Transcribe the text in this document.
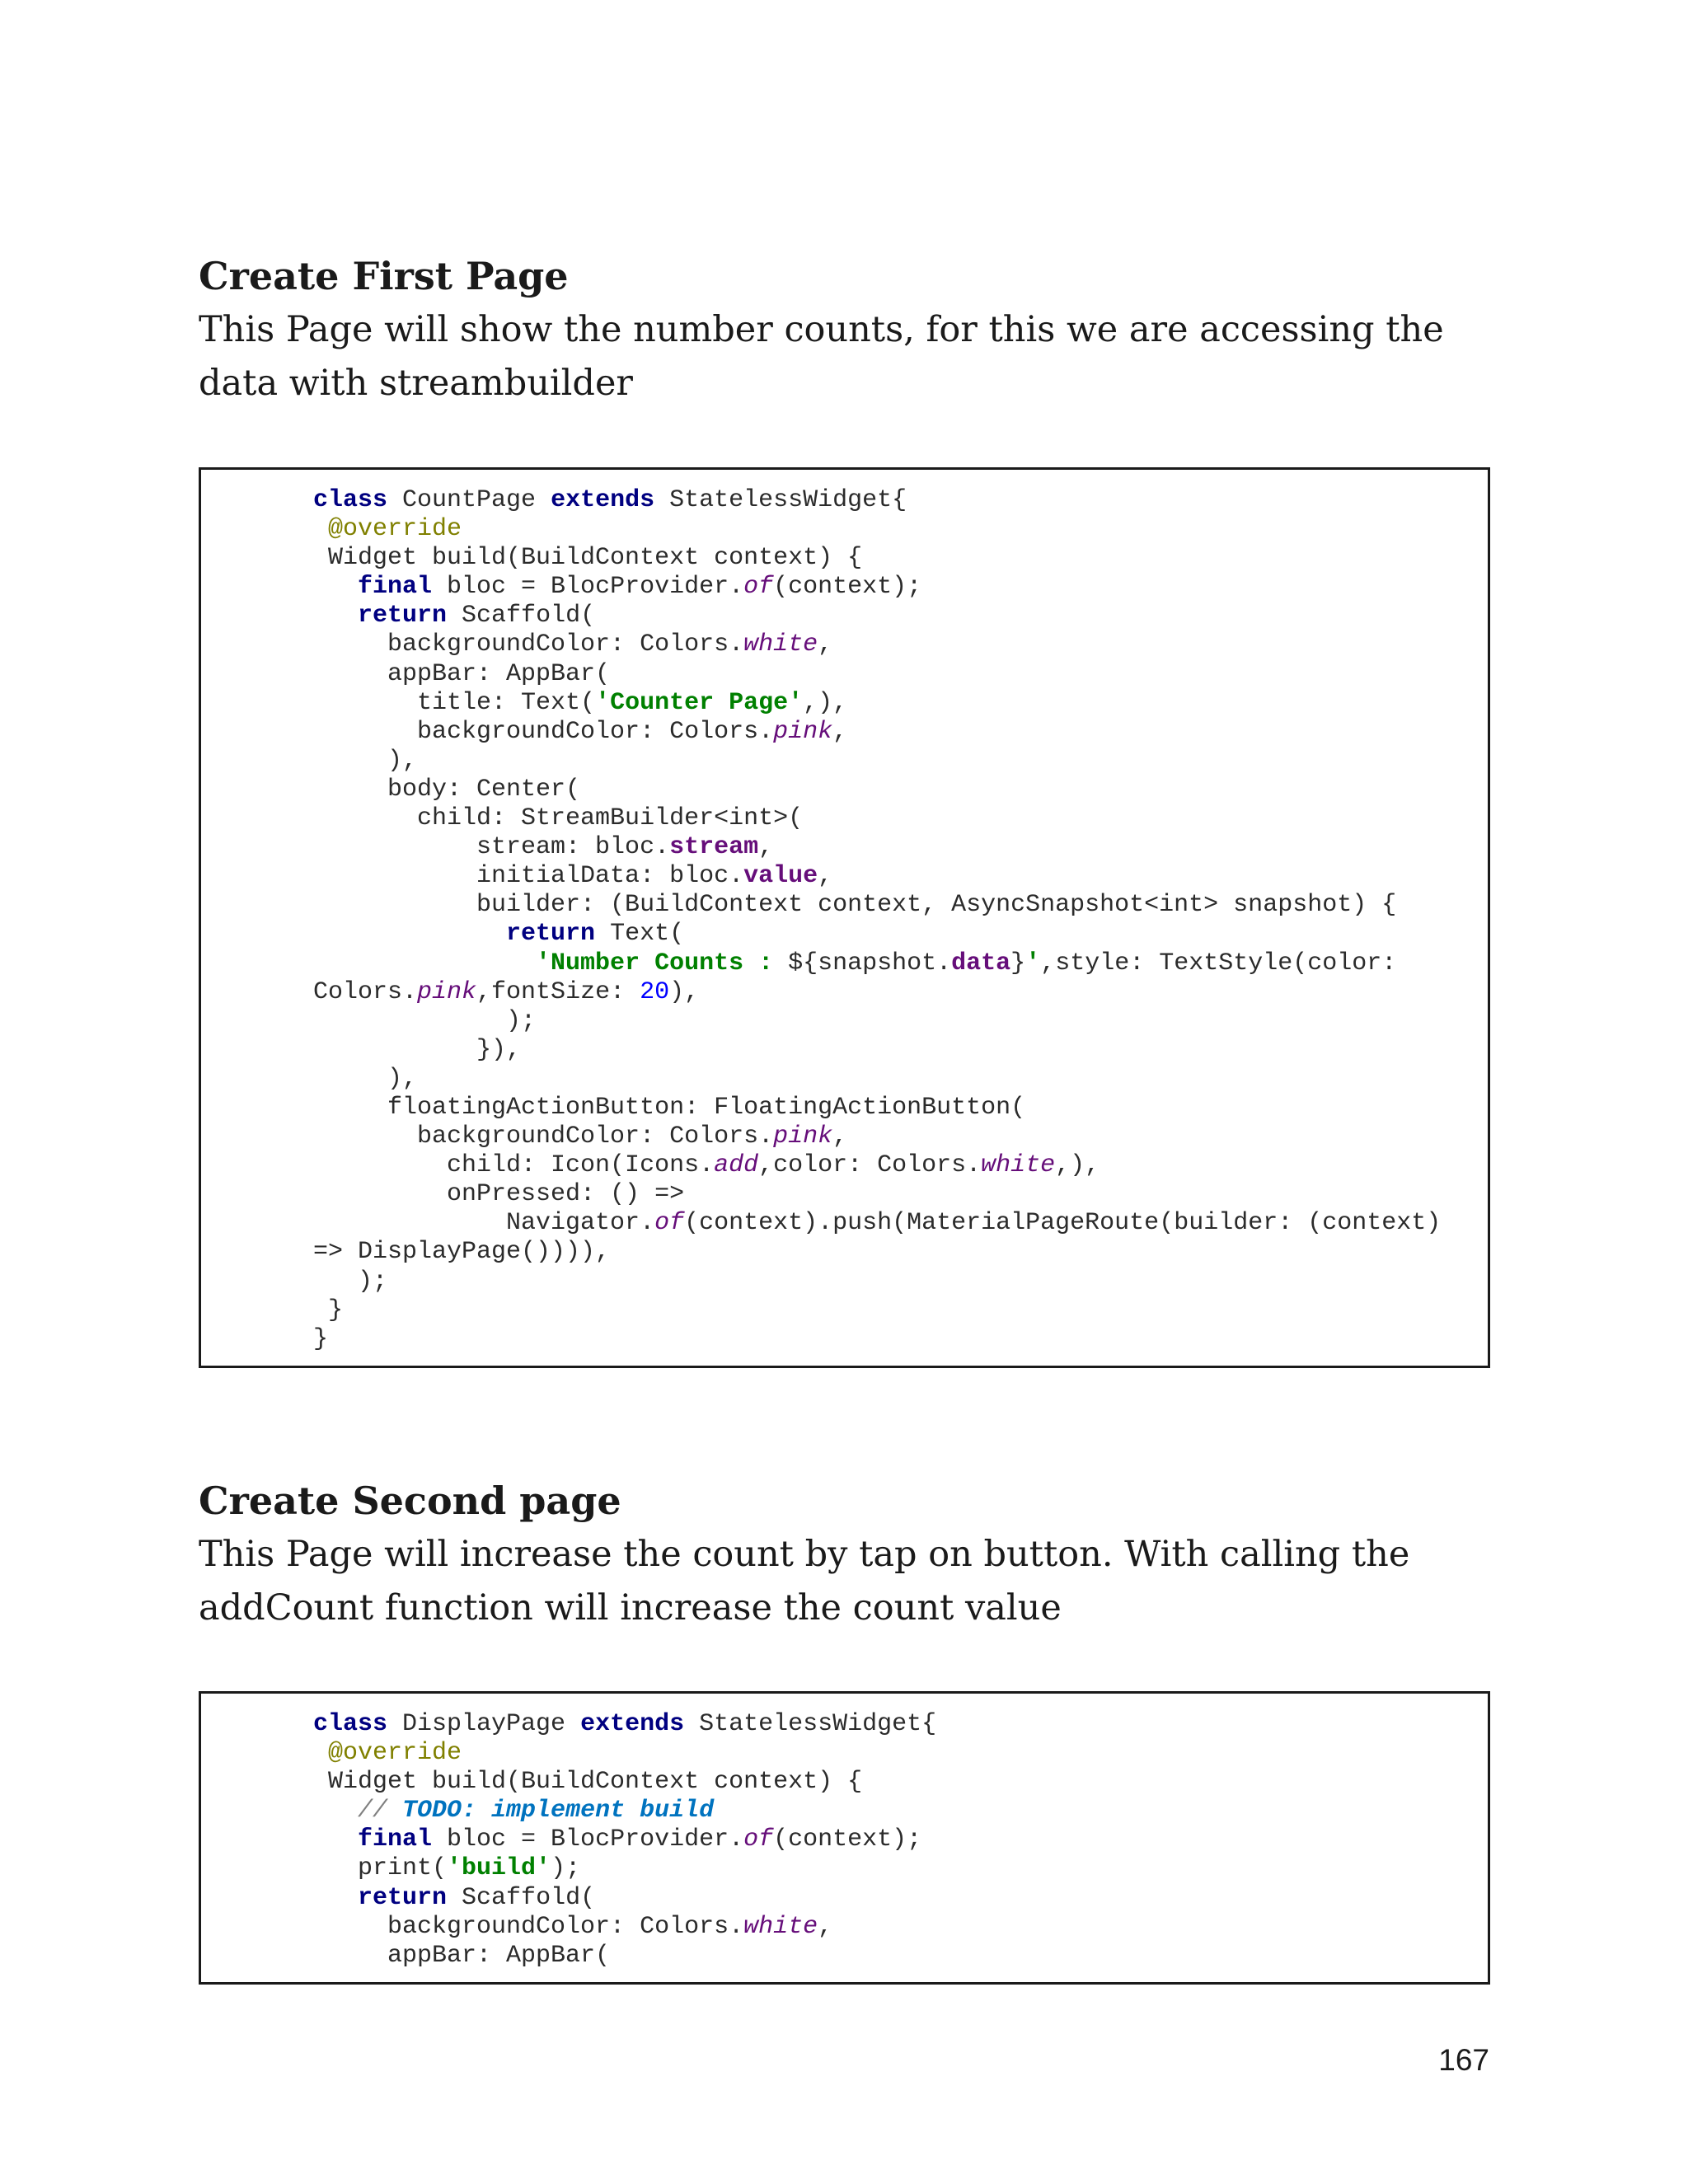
Create First Page

This Page will show the number counts, for this we are accessing the data with streambuilder

class CountPage extends StatelessWidget{
@override
Widget build(BuildContext context) {
final bloc = BlocProvider.of(context);
return Scaffold(
backgroundColor: Colors.white,
appBar: AppBar(
title: Text('Counter Page',),
backgroundColor: Colors.pink,
),
body: Center(
child: StreamBuilder<int>(
stream: bloc.stream,
initialData: bloc.value,
builder: (BuildContext context, AsyncSnapshot<int> snapshot) {
return Text(
'Number Counts : ${snapshot.data}',style: TextStyle(color:
Colors.pink,fontSize: 20),
);
}),
),
floatingActionButton: FloatingActionButton(
backgroundColor: Colors.pink,
child: Icon(Icons.add,color: Colors.white,),
onPressed: () =>
Navigator.of(context).push(MaterialPageRoute(builder: (context)
=> DisplayPage()))),
);
}
}
Create Second page

This Page will increase the count by tap on button. With calling the addCount function will increase the count value

class DisplayPage extends StatelessWidget{
@override
Widget build(BuildContext context) {
// TODO: implement build
final bloc = BlocProvider.of(context);
print('build');
return Scaffold(
backgroundColor: Colors.white,
appBar: AppBar(
167
